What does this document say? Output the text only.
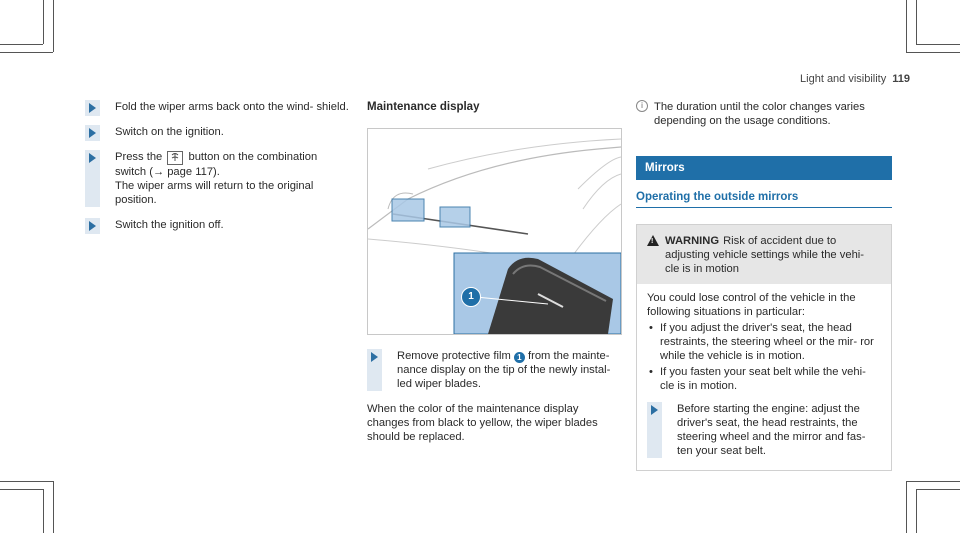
Light and visibility 119

Fold the wiper arms back onto the wind- shield.

Switch on the ignition.

Press the button on the combination switch (→ page 117).
The wiper arms will return to the original position.

Switch the ignition off.

Maintenance display
1

Remove protective film 1 from the mainte- nance display on the tip of the newly instal- led wiper blades.

When the color of the maintenance display changes from black to yellow, the wiper blades should be replaced.

i The duration until the color changes varies depending on the usage conditions.
Mirrors
Operating the outside mirrors
! WARNING Risk of accident due to adjusting vehicle settings while the vehi- cle is in motion

You could lose control of the vehicle in the following situations in particular:

• If you adjust the driver's seat, the head restraints, the steering wheel or the mir- ror while the vehicle is in motion.
• If you fasten your seat belt while the vehi- cle is in motion.

Before starting the engine: adjust the driver's seat, the head restraints, the steering wheel and the mirror and fas- ten your seat belt.
